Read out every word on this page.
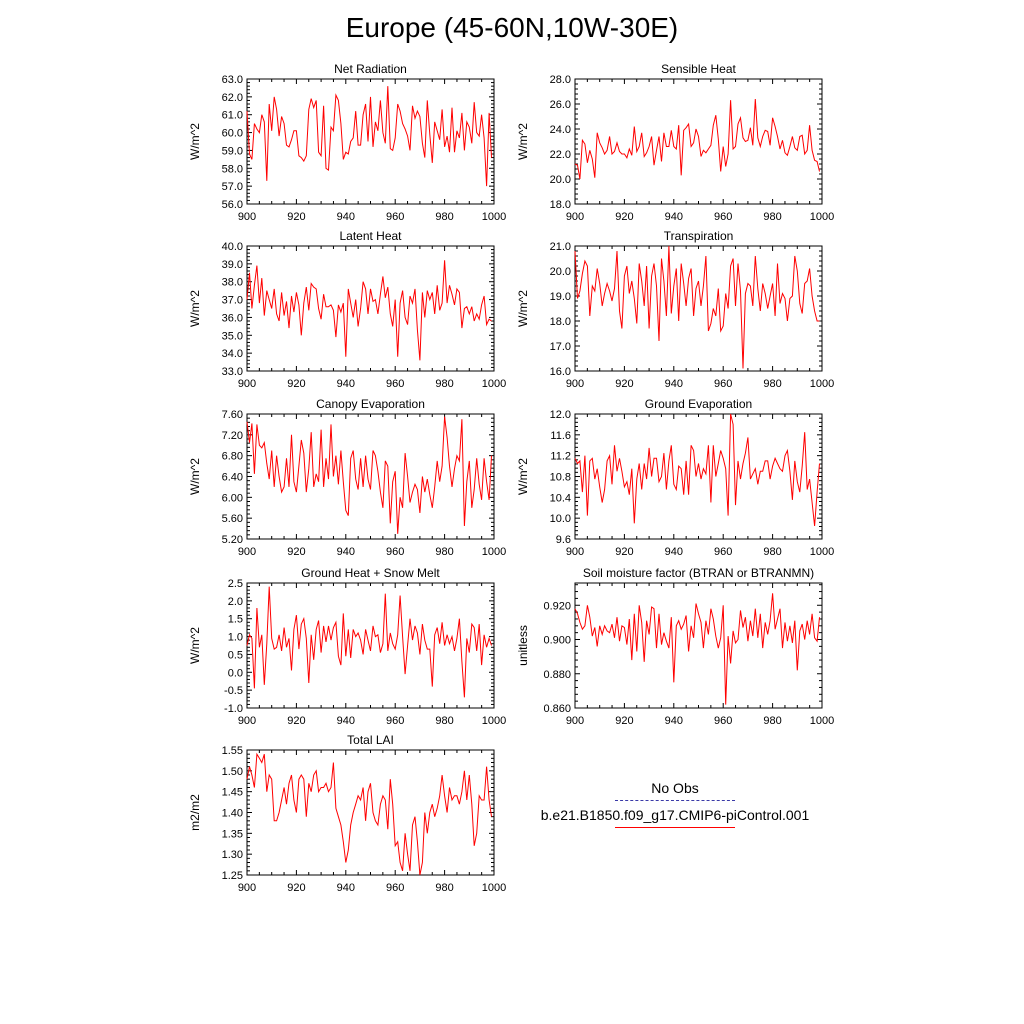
Europe (45-60N,10W-30E)
Net Radiation
W/m^2
900	920	940	960	980	1000
56.0
57.0
58.0
59.0
60.0
61.0
62.0
63.0
Sensible Heat
W/m^2
900	920	940	960	980	1000
18.0
20.0
22.0
24.0
26.0
28.0
Latent Heat
W/m^2
900	920	940	960	980	1000
33.0
34.0
35.0
36.0
37.0
38.0
39.0
40.0
Transpiration
W/m^2
900	920	940	960	980	1000
16.0
17.0
18.0
19.0
20.0
21.0
Canopy Evaporation
W/m^2
900	920	940	960	980	1000
5.20
5.60
6.00
6.40
6.80
7.20
7.60
Ground Evaporation
W/m^2
900	920	940	960	980	1000
9.6
10.0
10.4
10.8
11.2
11.6
12.0
Ground Heat + Snow Melt
W/m^2
900	920	940	960	980	1000
-1.0
-0.5
0.0
0.5
1.0
1.5
2.0
2.5
Soil moisture factor (BTRAN or BTRANMN)
unitless
900	920	940	960	980	1000
0.860
0.880
0.900
0.920
Total LAI
m2/m2
900	920	940	960	980	1000
1.25
1.30
1.35
1.40
1.45
1.50
1.55
No Obs
b.e21.B1850.f09_g17.CMIP6-piControl.001
